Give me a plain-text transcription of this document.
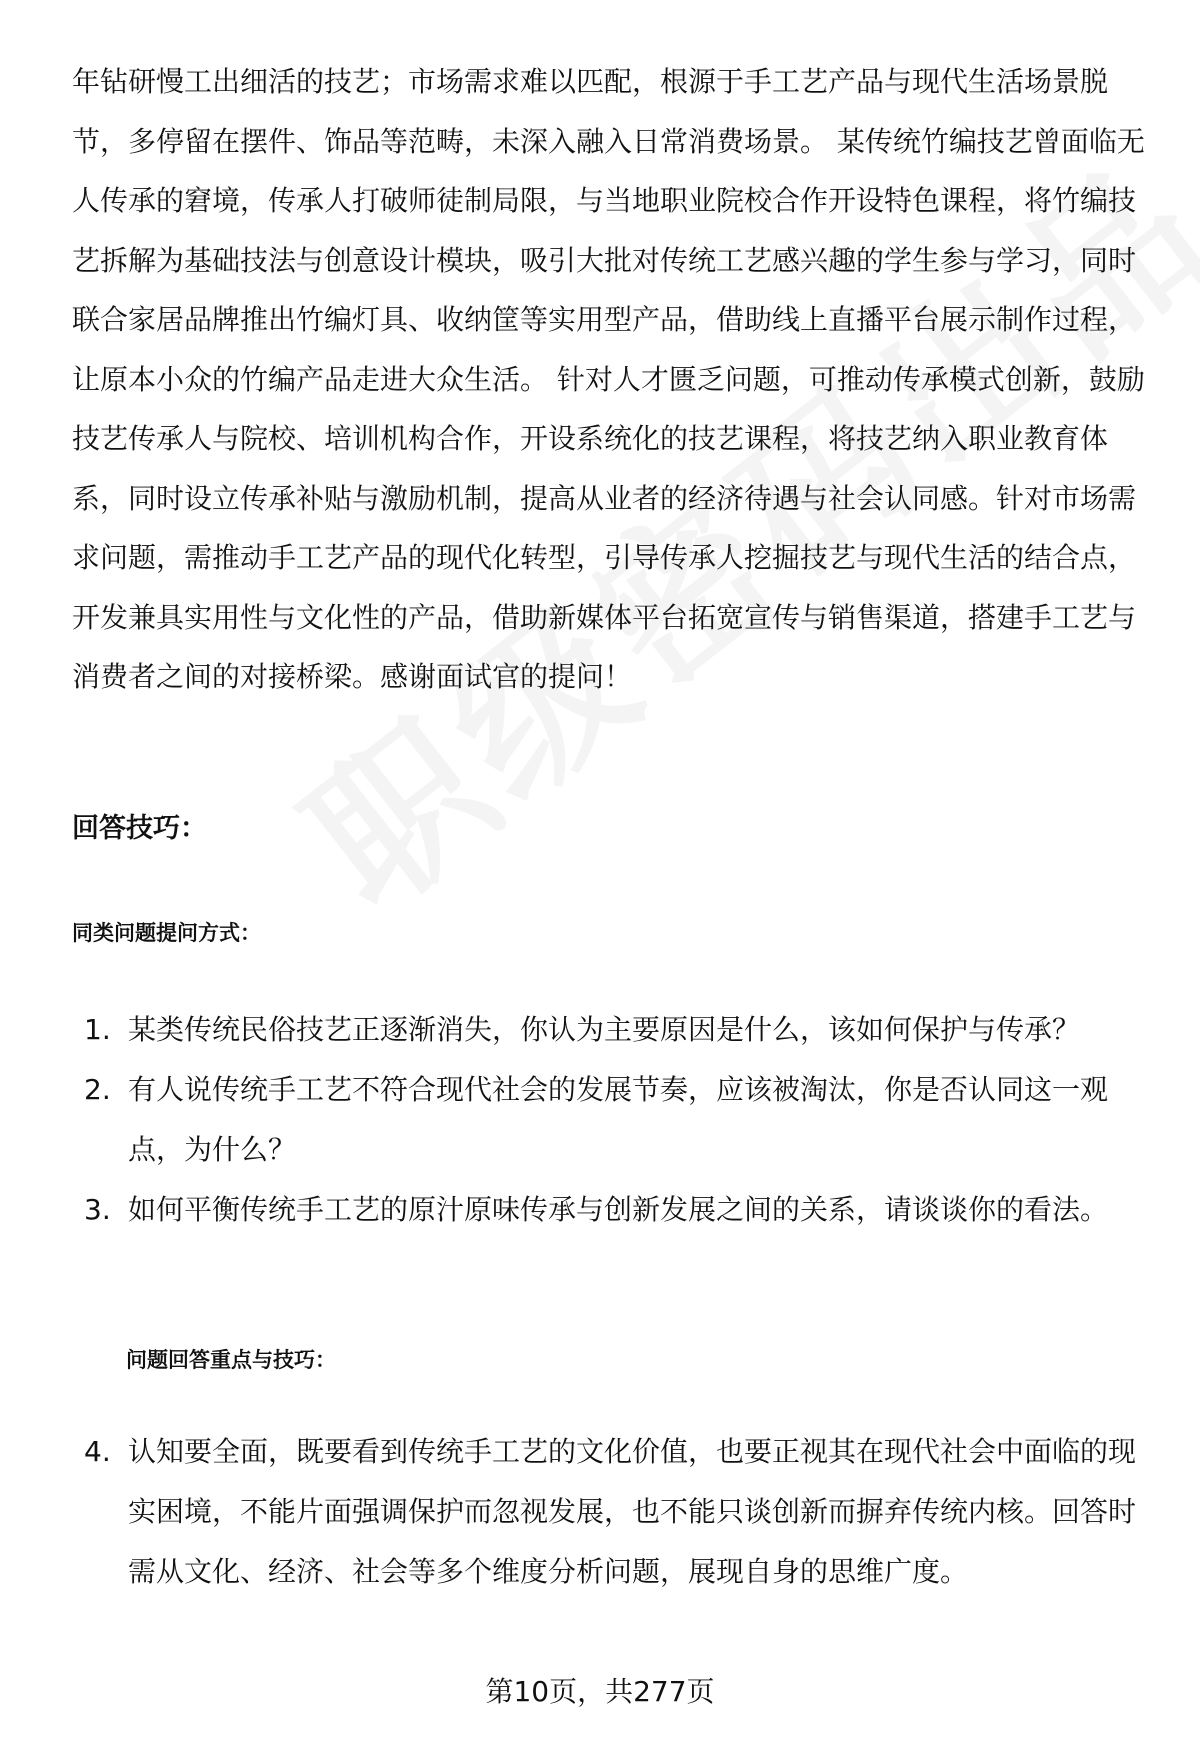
年钻研慢工出细活的技艺；市场需求难以匹配，根源于手工艺产品与现代生活场景脱节，多停留在摆件、饰品等范畴，未深入融入日常消费场景。 某传统竹编技艺曾面临无人传承的窘境，传承人打破师徒制局限，与当地职业院校合作开设特色课程，将竹编技艺拆解为基础技法与创意设计模块，吸引大批对传统工艺感兴趣的学生参与学习，同时联合家居品牌推出竹编灯具、收纳筐等实用型产品，借助线上直播平台展示制作过程，让原本小众的竹编产品走进大众生活。 针对人才匮乏问题，可推动传承模式创新，鼓励技艺传承人与院校、培训机构合作，开设系统化的技艺课程，将技艺纳入职业教育体系，同时设立传承补贴与激励机制，提高从业者的经济待遇与社会认同感。针对市场需求问题，需推动手工艺产品的现代化转型，引导传承人挖掘技艺与现代生活的结合点，开发兼具实用性与文化性的产品，借助新媒体平台拓宽宣传与销售渠道，搭建手工艺与消费者之间的对接桥梁。感谢面试官的提问！

回答技巧：
同类问题提问方式：
1. 某类传统民俗技艺正逐渐消失，你认为主要原因是什么，该如何保护与传承？
2. 有人说传统手工艺不符合现代社会的发展节奏，应该被淘汰，你是否认同这一观点，为什么？
3. 如何平衡传统手工艺的原汁原味传承与创新发展之间的关系，请谈谈你的看法。
问题回答重点与技巧：
4. 认知要全面，既要看到传统手工艺的文化价值，也要正视其在现代社会中面临的现实困境，不能片面强调保护而忽视发展，也不能只谈创新而摒弃传统内核。回答时需从文化、经济、社会等多个维度分析问题，展现自身的思维广度。

第10页，共277页
